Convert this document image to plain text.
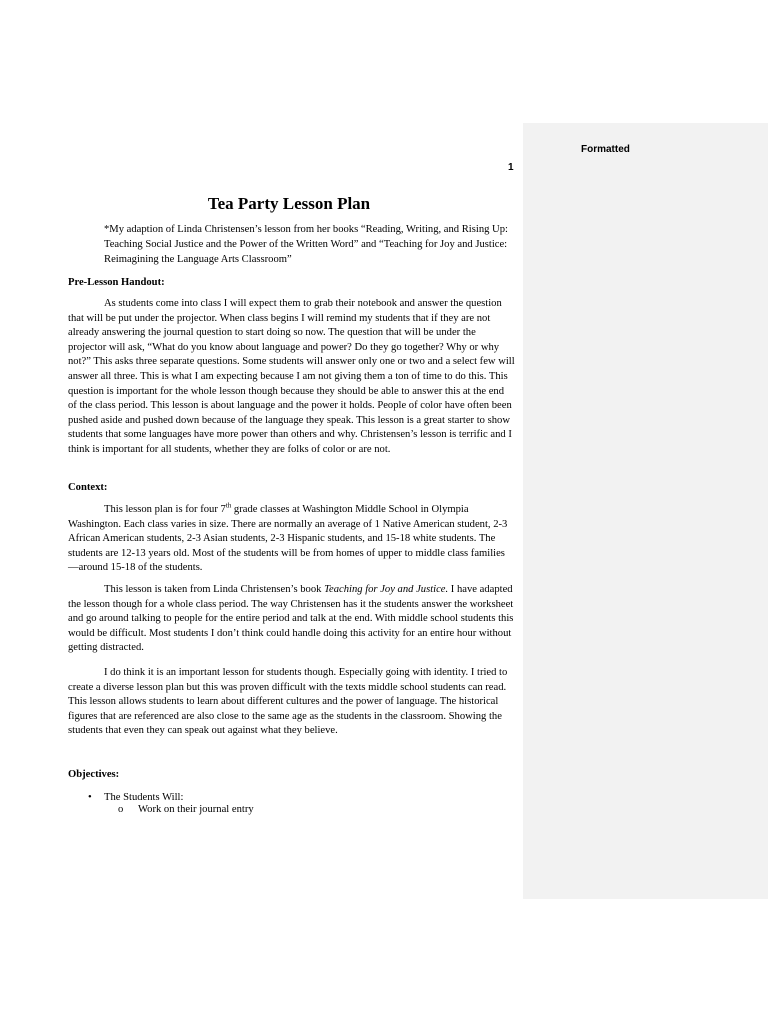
Formatted
1
Tea Party Lesson Plan
*My adaption of Linda Christensen’s lesson from her books “Reading, Writing, and Rising Up: Teaching Social Justice and the Power of the Written Word” and “Teaching for Joy and Justice: Reimagining the Language Arts Classroom”
Pre-Lesson Handout:

As students come into class I will expect them to grab their notebook and answer the question that will be put under the projector. When class begins I will remind my students that if they are not already answering the journal question to start doing so now. The question that will be under the projector will ask, “What do you know about language and power? Do they go together? Why or why not?” This asks three separate questions. Some students will answer only one or two and a select few will answer all three. This is what I am expecting because I am not giving them a ton of time to do this. This question is important for the whole lesson though because they should be able to answer this at the end of the class period. This lesson is about language and the power it holds. People of color have often been pushed aside and pushed down because of the language they speak. This lesson is a great starter to show students that some languages have more power than others and why. Christensen’s lesson is terrific and I think is important for all students, whether they are folks of color or are not.

Context:

This lesson plan is for four 7th grade classes at Washington Middle School in Olympia Washington. Each class varies in size. There are normally an average of 1 Native American student, 2-3 African American students, 2-3 Asian students, 2-3 Hispanic students, and 15-18 white students. The students are 12-13 years old. Most of the students will be from homes of upper to middle class families—around 15-18 of the students.

This lesson is taken from Linda Christensen’s book Teaching for Joy and Justice. I have adapted the lesson though for a whole class period. The way Christensen has it the students answer the worksheet and go around talking to people for the entire period and talk at the end. With middle school students this would be difficult. Most students I don’t think could handle doing this activity for an entire hour without getting distracted.

I do think it is an important lesson for students though. Especially going with identity. I tried to create a diverse lesson plan but this was proven difficult with the texts middle school students can read. This lesson allows students to learn about different cultures and the power of language. The historical figures that are referenced are also close to the same age as the students in the classroom. Showing the students that even they can speak out against what they believe.

Objectives:
• The Students Will:
o Work on their journal entry
